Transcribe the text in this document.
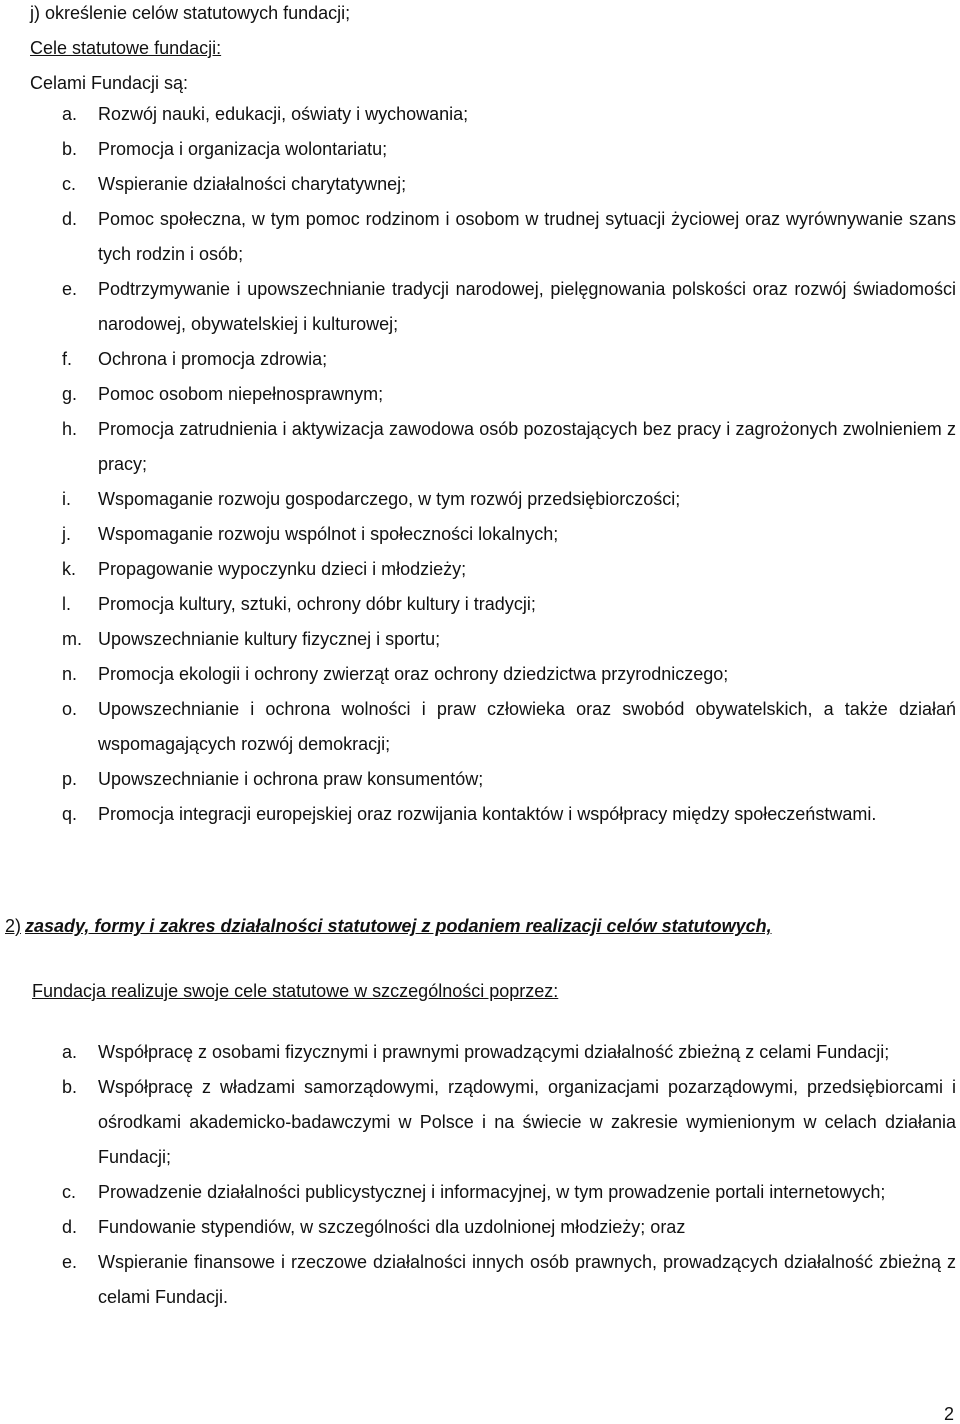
j) określenie celów statutowych fundacji;
Cele statutowe fundacji:
Celami Fundacji są:
a. Rozwój nauki, edukacji, oświaty i wychowania;
b. Promocja i organizacja wolontariatu;
c. Wspieranie działalności charytatywnej;
d. Pomoc społeczna, w tym pomoc rodzinom i osobom w trudnej sytuacji życiowej oraz wyrównywanie szans tych rodzin i osób;
e. Podtrzymywanie i upowszechnianie tradycji narodowej, pielęgnowania polskości oraz rozwój świadomości narodowej, obywatelskiej i kulturowej;
f. Ochrona i promocja zdrowia;
g. Pomoc osobom niepełnosprawnym;
h. Promocja zatrudnienia i aktywizacja zawodowa osób pozostających bez pracy i zagrożonych zwolnieniem z pracy;
i. Wspomaganie rozwoju gospodarczego, w tym rozwój przedsiębiorczości;
j. Wspomaganie rozwoju wspólnot i społeczności lokalnych;
k. Propagowanie wypoczynku dzieci i młodzieży;
l. Promocja kultury, sztuki, ochrony dóbr kultury i tradycji;
m. Upowszechnianie kultury fizycznej i sportu;
n. Promocja ekologii i ochrony zwierząt oraz ochrony dziedzictwa przyrodniczego;
o. Upowszechnianie i ochrona wolności i praw człowieka oraz swobód obywatelskich, a także działań wspomagających rozwój demokracji;
p. Upowszechnianie i ochrona praw konsumentów;
q. Promocja integracji europejskiej oraz rozwijania kontaktów i współpracy między społeczeństwami.
2) zasady, formy i zakres działalności statutowej z podaniem realizacji celów statutowych,
Fundacja realizuje swoje cele statutowe w szczególności poprzez:
a. Współpracę z osobami fizycznymi i prawnymi prowadzącymi działalność zbieżną z celami Fundacji;
b. Współpracę z władzami samorządowymi, rządowymi, organizacjami pozarządowymi, przedsiębiorcami i ośrodkami akademicko-badawczymi w Polsce i na świecie w zakresie wymienionym w celach działania Fundacji;
c. Prowadzenie działalności publicystycznej i informacyjnej, w tym prowadzenie portali internetowych;
d. Fundowanie stypendiów, w szczególności dla uzdolnionej młodzieży; oraz
e. Wspieranie finansowe i rzeczowe działalności innych osób prawnych, prowadzących działalność zbieżną z celami Fundacji.
2
